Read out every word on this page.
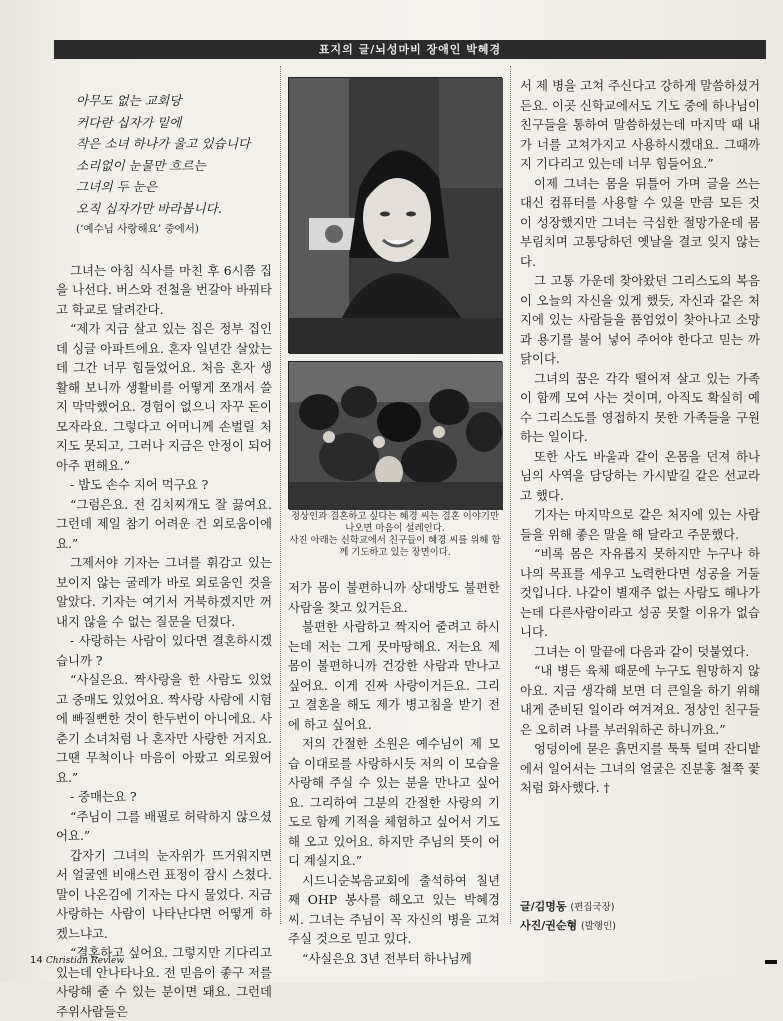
표지의 글/뇌성마비 장애인 박혜경
아무도 없는 교회당
커다란 십자가 밑에
작은 소녀 하나가 울고 있습니다
소리없이 눈물만 흐르는
그녀의 두 눈은
오직 십자가만 바라봅니다.
(‘예수님 사랑해요’ 중에서)

그녀는 아침 식사를 마친 후 6시쯤 집을 나선다. 버스와 전철을 번갈아 바꿔타고 학교로 달려간다.

“제가 지금 살고 있는 집은 정부 집인데 싱글 아파트에요. 혼자 일년간 살았는데 그간 너무 힘들었어요. 처음 혼자 생활해 보니까 생활비를 어떻게 쪼개서 쓸지 막막했어요. 경험이 없으니 자꾸 돈이 모자라요. 그렇다고 어머니께 손벌릴 처지도 못되고, 그러나 지금은 안정이 되어 아주 편해요.”

- 밥도 손수 지어 먹구요 ?

“그럼은요. 전 김치찌개도 잘 끓여요. 그런데 제일 참기 어려운 건 외로움이에요.”

그제서야 기자는 그녀를 휘감고 있는 보이지 않는 굴레가 바로 외로움인 것을 알았다. 기자는 여기서 거북하겠지만 꺼내지 않을 수 없는 질문을 던졌다.

- 사랑하는 사람이 있다면 결혼하시겠습니까 ?

“사실은요. 짝사랑을 한 사람도 있었고 중매도 있었어요. 짝사랑 사람에 시험에 빠질뻔한 것이 한두번이 아니에요. 사춘기 소녀처럼 나 혼자만 사랑한 거지요. 그땐 무척이나 마음이 아팠고 외로웠어요.”

- 중매는요 ?

“주님이 그를 배필로 허락하지 않으셨어요.”

갑자기 그녀의 눈자위가 뜨거워지면서 얼굴엔 비애스런 표정이 잠시 스쳤다. 말이 나온김에 기자는 다시 물었다. 지금 사랑하는 사람이 나타난다면 어떻게 하겠느냐고.

“결혼하고 싶어요. 그렇지만 기다리고 있는데 안나타나요. 전 믿음이 좋구 저를 사랑해 줄 수 있는 분이면 돼요. 그런데 주위사람들은

정상인과 결혼하고 싶다는 혜경 씨는 결혼 이야기만 나오면 마음이 설레인다.
사진 아래는 신학교에서 친구들이 혜경 씨를 위해 함께 기도하고 있는 장면이다.

저가 몸이 불편하니까 상대방도 불편한 사람을 찾고 있거든요.

불편한 사람하고 짝지어 줄려고 하시는데 저는 그게 못마땅해요. 저는요 제 몸이 불편하니까 건강한 사람과 만나고 싶어요. 이게 진짜 사랑이거든요. 그리고 결혼을 해도 제가 병고침을 받기 전에 하고 싶어요.

저의 간절한 소원은 예수님이 제 모습 이대로를 사랑하시듯 저의 이 모습을 사랑해 주실 수 있는 분을 만나고 싶어요. 그리하여 그분의 간절한 사랑의 기도로 함께 기적을 체험하고 싶어서 기도해 오고 있어요. 하지만 주님의 뜻이 어디 계실지요.”

시드니순복음교회에 출석하여 칠년째 OHP 봉사를 해오고 있는 박혜경 씨. 그녀는 주님이 꼭 자신의 병을 고쳐 주실 것으로 믿고 있다.

“사실은요 3년 전부터 하나님께

서 제 병을 고쳐 주신다고 강하게 말씀하셨거든요. 이곳 신학교에서도 기도 중에 하나님이 친구들을 통하여 말씀하셨는데 마지막 때 내가 너를 고쳐가지고 사용하시겠대요. 그때까지 기다리고 있는데 너무 힘들어요.”

이제 그녀는 몸을 뒤틀어 가며 글을 쓰는 대신 컴퓨터를 사용할 수 있을 만큼 모든 것이 성장했지만 그녀는 극심한 절망가운데 몸부림치며 고통당하던 옛날을 결코 잊지 않는다.

그 고통 가운데 찾아왔던 그리스도의 복음이 오늘의 자신을 있게 했듯, 자신과 같은 처지에 있는 사람들을 품엄었이 찾아나고 소망과 용기를 불어 넣어 주어야 한다고 믿는 까닭이다.

그녀의 꿈은 각각 떨어져 살고 있는 가족이 함께 모여 사는 것이며, 아직도 확실히 예수 그리스도를 영접하지 못한 가족들을 구원하는 일이다.

또한 사도 바울과 같이 온몸을 던져 하나님의 사역을 담당하는 가시밭길 같은 선교라고 했다.

기자는 마지막으로 같은 처지에 있는 사람들을 위해 좋은 말을 해 달라고 주문했다.

“비록 몸은 자유롭지 못하지만 누구나 하나의 목표를 세우고 노력한다면 성공을 거둘 것입니다. 나같이 별재주 없는 사람도 해나가는데 다른사람이라고 성공 못할 이유가 없습니다.

그녀는 이 말끝에 다음과 같이 덧붙였다.

“내 병든 육체 때문에 누구도 원망하지 않아요. 지금 생각해 보면 더 큰일을 하기 위해 내게 준비된 일이라 여겨져요. 정상인 친구들은 오히려 나를 부러워하곤 하니까요.”

엉덩이에 묻은 흙먼지를 툭툭 털며 잔디밭에서 일어서는 그녀의 얼굴은 진분홍 철쭉 꽃처럼 화사했다. †

글/김명동 (편집국장)
사진/권순형 (발행인)
14 Christian Review
